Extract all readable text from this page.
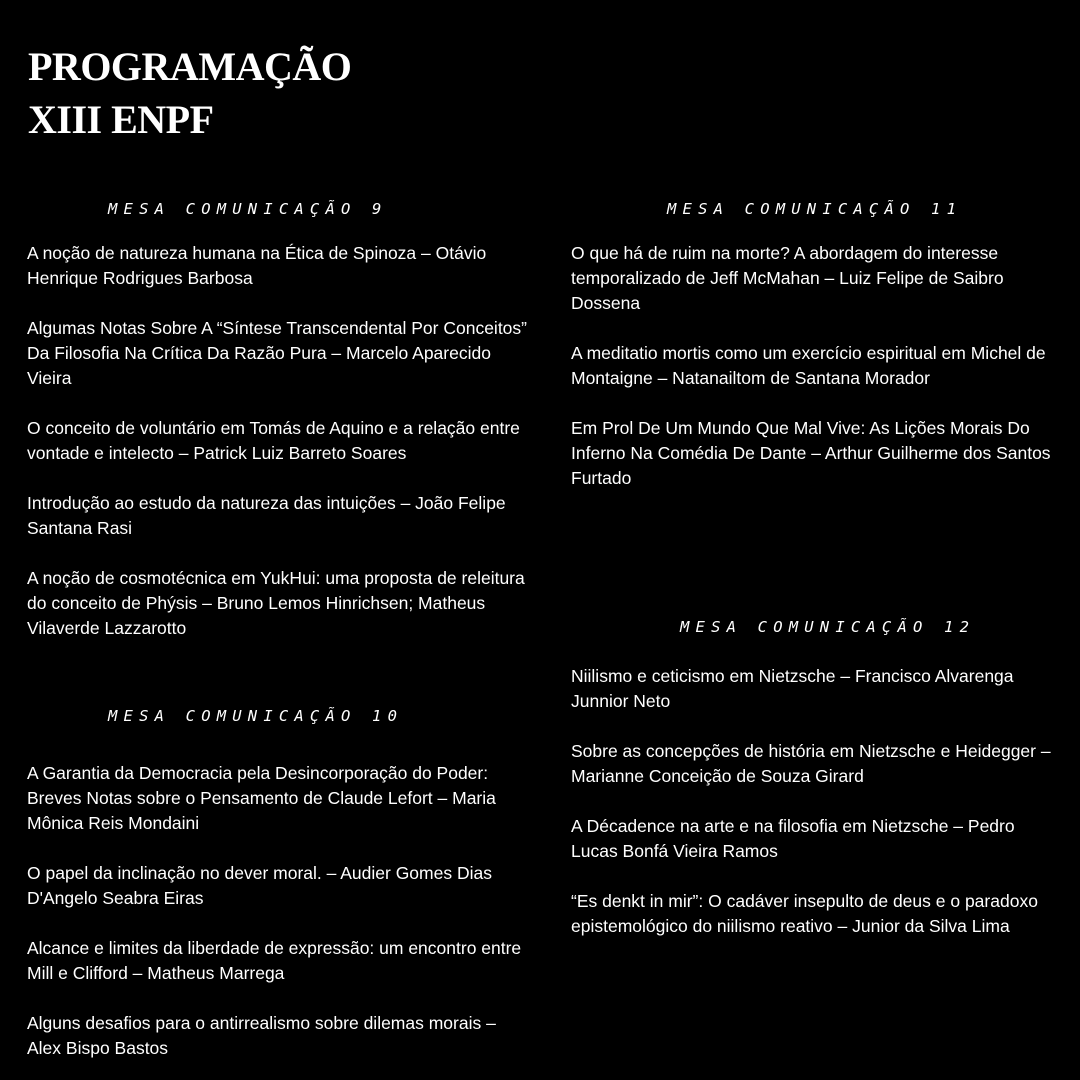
PROGRAMAÇÃO
XIII ENPF
MESA COMUNICAÇÃO 9
A noção de natureza humana na Ética de Spinoza – Otávio Henrique Rodrigues Barbosa
Algumas Notas Sobre A “Síntese Transcendental Por Conceitos” Da Filosofia Na Crítica Da Razão Pura – Marcelo Aparecido Vieira
O conceito de voluntário em Tomás de Aquino e a relação entre vontade e intelecto – Patrick Luiz Barreto Soares
Introdução ao estudo da natureza das intuições – João Felipe Santana Rasi
A noção de cosmotécnica em YukHui: uma proposta de releitura do conceito de Phýsis – Bruno Lemos Hinrichsen; Matheus Vilaverde Lazzarotto
MESA COMUNICAÇÃO 10
A Garantia da Democracia pela Desincorporação do Poder: Breves Notas sobre o Pensamento de Claude Lefort – Maria Mônica Reis Mondaini
O papel da inclinação no dever moral. – Audier Gomes Dias D'Angelo Seabra Eiras
Alcance e limites da liberdade de expressão: um encontro entre Mill e Clifford – Matheus Marrega
Alguns desafios para o antirrealismo sobre dilemas morais – Alex Bispo Bastos
MESA COMUNICAÇÃO 11
O que há de ruim na morte? A abordagem do interesse temporalizado de Jeff McMahan – Luiz Felipe de Saibro Dossena
A meditatio mortis como um exercício espiritual em Michel de Montaigne – Natanailtom de Santana Morador
Em Prol De Um Mundo Que Mal Vive: As Lições Morais Do Inferno Na Comédia De Dante – Arthur Guilherme dos Santos Furtado
MESA COMUNICAÇÃO 12
Niilismo e ceticismo em Nietzsche – Francisco Alvarenga Junnior Neto
Sobre as concepções de história em Nietzsche e Heidegger – Marianne Conceição de Souza Girard
A Décadence na arte e na filosofia em Nietzsche – Pedro Lucas Bonfá Vieira Ramos
“Es denkt in mir”: O cadáver insepulto de deus e o paradoxo epistemológico do niilismo reativo – Junior da Silva Lima
